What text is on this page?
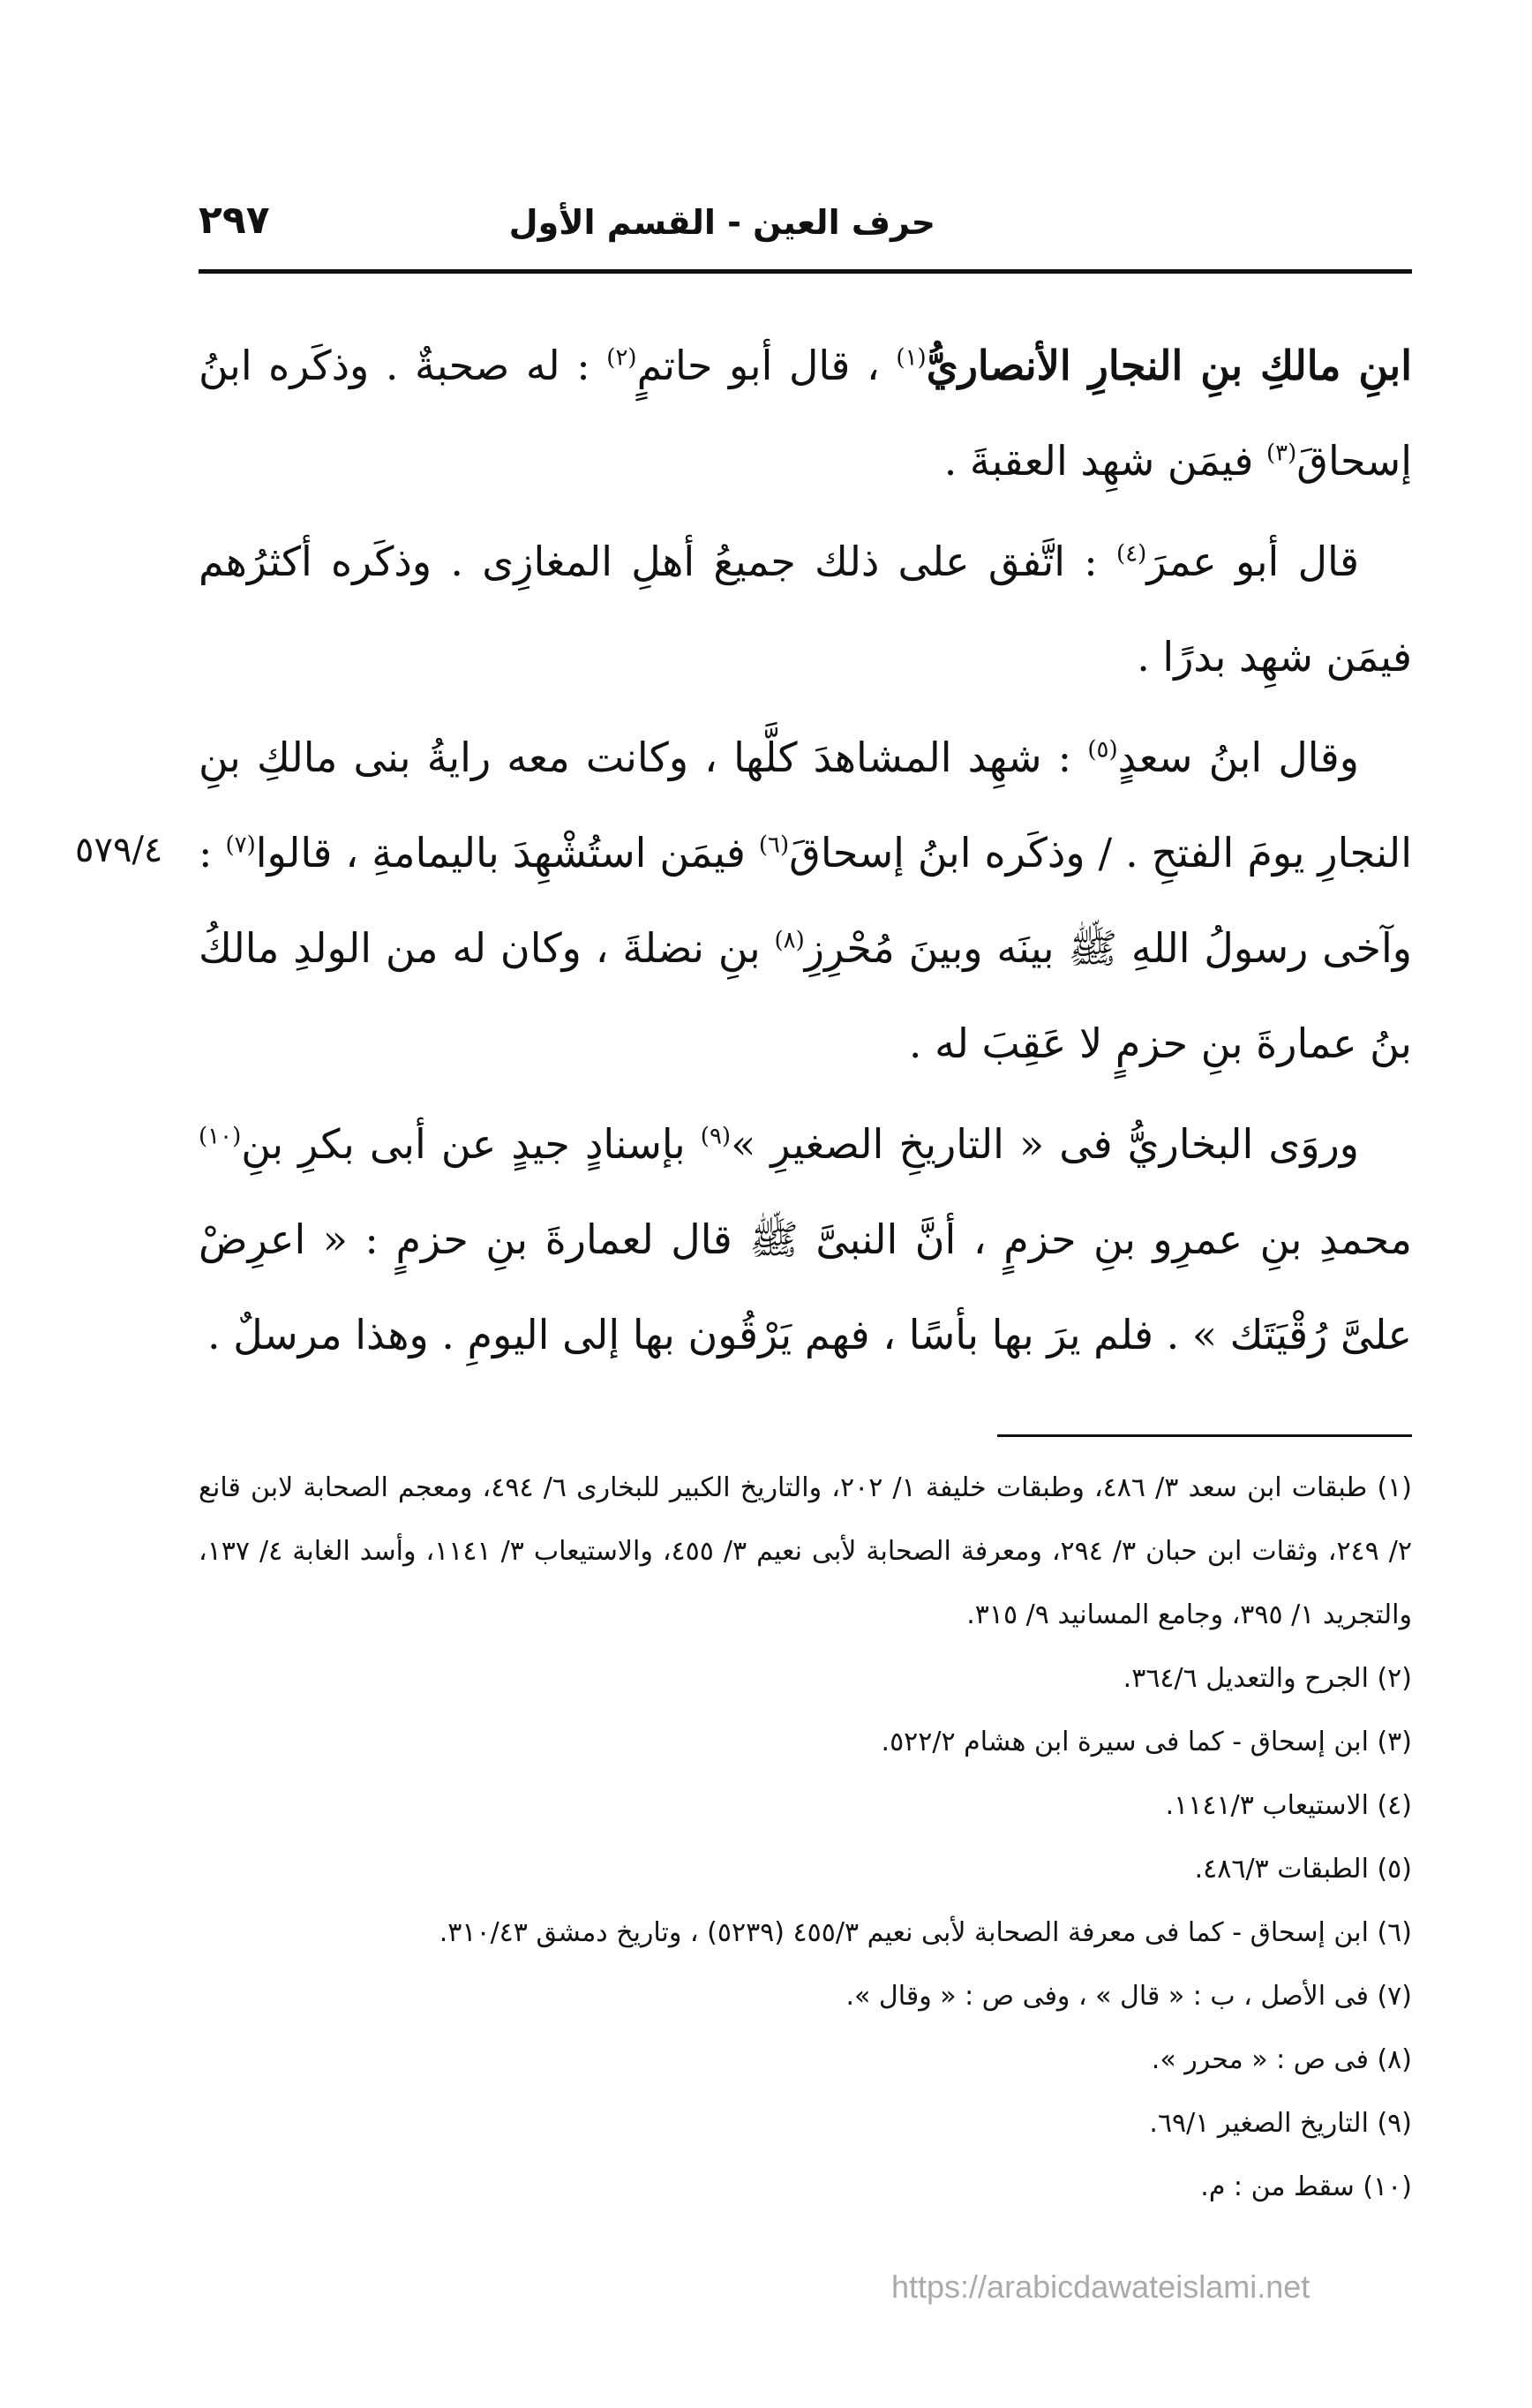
حرف العين - القسم الأول
٢٩٧
٥٧٩/٤

ابنِ مالكِ بنِ النجارِ الأنصاريُّ$^{(١)}$ ، قال أبو حاتمٍ$^{(٢)}$ : له صحبةٌ . وذكَره ابنُ إسحاقَ$^{(٣)}$ فيمَن شهِد العقبةَ .

قال أبو عمرَ$^{(٤)}$ : اتَّفق على ذلك جميعُ أهلِ المغازِى . وذكَره أكثرُهم فيمَن شهِد بدرًا .

وقال ابنُ سعدٍ$^{(٥)}$ : شهِد المشاهدَ كلَّها ، وكانت معه رايةُ بنى مالكِ بنِ النجارِ يومَ الفتحِ . / وذكَره ابنُ إسحاقَ$^{(٦)}$ فيمَن استُشْهِدَ باليمامةِ ، قالوا$^{(٧)}$ : وآخى رسولُ اللهِ ﷺ بينَه وبينَ مُحْرِزِ$^{(٨)}$ بنِ نضلةَ ، وكان له من الولدِ مالكُ بنُ عمارةَ بنِ حزمٍ لا عَقِبَ له .

وروَى البخاريُّ فى « التاريخِ الصغيرِ »$^{(٩)}$ بإسنادٍ جيدٍ عن أبى بكرِ بنِ$^{(١٠)}$ محمدِ بنِ عمرِو بنِ حزمٍ ، أنَّ النبىَّ ﷺ قال لعمارةَ بنِ حزمٍ : « اعرِضْ علىَّ رُقْيَتَك » . فلم يرَ بها بأسًا ، فهم يَرْقُون بها إلى اليومِ . وهذا مرسلٌ .

(١) طبقات ابن سعد ٣/ ٤٨٦، وطبقات خليفة ١/ ٢٠٢، والتاريخ الكبير للبخارى ٦/ ٤٩٤، ومعجم الصحابة لابن قانع ٢/ ٢٤٩، وثقات ابن حبان ٣/ ٢٩٤، ومعرفة الصحابة لأبى نعيم ٣/ ٤٥٥، والاستيعاب ٣/ ١١٤١، وأسد الغابة ٤/ ١٣٧، والتجريد ١/ ٣٩٥، وجامع المسانيد ٩/ ٣١٥.

(٢) الجرح والتعديل ٣٦٤/٦.

(٣) ابن إسحاق - كما فى سيرة ابن هشام ٥٢٢/٢.

(٤) الاستيعاب ١١٤١/٣.

(٥) الطبقات ٤٨٦/٣.

(٦) ابن إسحاق - كما فى معرفة الصحابة لأبى نعيم ٤٥٥/٣ (٥٢٣٩) ، وتاريخ دمشق ٣١٠/٤٣.

(٧) فى الأصل ، ب : « قال » ، وفى ص : « وقال ».

(٨) فى ص : « محرر ».

(٩) التاريخ الصغير ٦٩/١.

(١٠) سقط من : م.

https://arabicdawateislami.net
